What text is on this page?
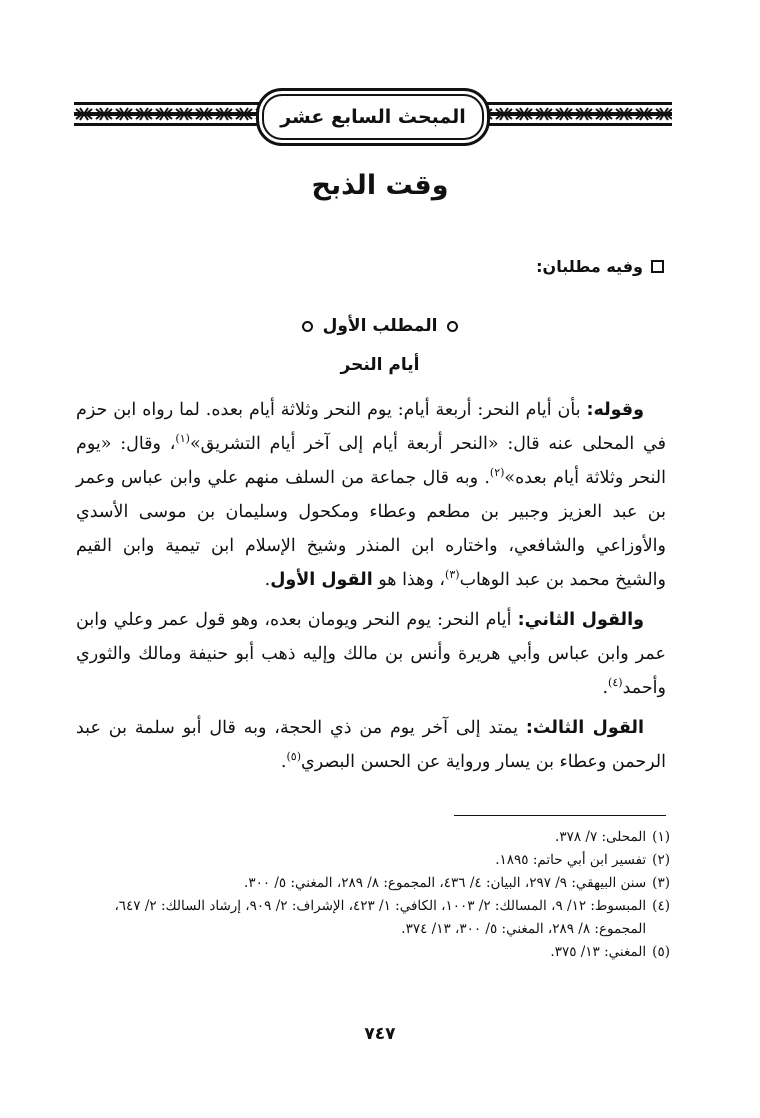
المبحث السابع عشر
وقت الذبح
وفيه مطلبان:
المطلب الأول
أيام النحر

وقوله: بأن أيام النحر: أربعة أيام: يوم النحر وثلاثة أيام بعده. لما رواه ابن حزم في المحلى عنه قال: «النحر أربعة أيام إلى آخر أيام التشريق»$^{(١)}$، وقال: «يوم النحر وثلاثة أيام بعده»$^{(٢)}$. وبه قال جماعة من السلف منهم علي وابن عباس وعمر بن عبد العزيز وجبير بن مطعم وعطاء ومكحول وسليمان بن موسى الأسدي والأوزاعي والشافعي، واختاره ابن المنذر وشيخ الإسلام ابن تيمية وابن القيم والشيخ محمد بن عبد الوهاب$^{(٣)}$، وهذا هو القول الأول.

والقول الثاني: أيام النحر: يوم النحر ويومان بعده، وهو قول عمر وعلي وابن عمر وابن عباس وأبي هريرة وأنس بن مالك وإليه ذهب أبو حنيفة ومالك والثوري وأحمد$^{(٤)}$.

القول الثالث: يمتد إلى آخر يوم من ذي الحجة، وبه قال أبو سلمة بن عبد الرحمن وعطاء بن يسار ورواية عن الحسن البصري$^{(٥)}$.

(١)
المحلى: ٧/ ٣٧٨.
(٢)
تفسير ابن أبي حاتم: ١٨٩٥.
(٣)
سنن البيهقي: ٩/ ٢٩٧، البيان: ٤/ ٤٣٦، المجموع: ٨/ ٢٨٩، المغني: ٥/ ٣٠٠.
(٤)
المبسوط: ١٢/ ٩، المسالك: ٢/ ١٠٠٣، الكافي: ١/ ٤٢٣، الإشراف: ٢/ ٩٠٩، إرشاد السالك: ٢/ ٦٤٧، المجموع: ٨/ ٢٨٩، المغني: ٥/ ٣٠٠، ١٣/ ٣٧٤.
(٥)
المغني: ١٣/ ٣٧٥.
٧٤٧
